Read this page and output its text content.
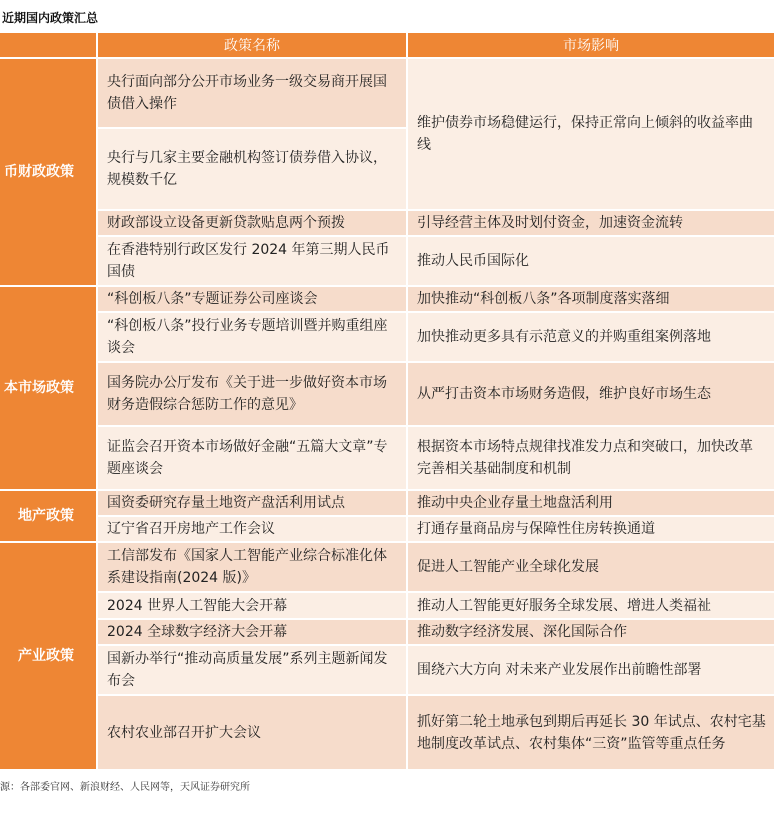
近期国内政策汇总
	政策名称	市场影响
币财政政策	央行面向部分公开市场业务一级交易商开展国债借入操作	维护债券市场稳健运行，保持正常向上倾斜的收益率曲线
	央行与几家主要金融机构签订债券借入协议，规模数千亿	
	财政部设立设备更新贷款贴息两个预拨	引导经营主体及时划付资金，加速资金流转
	在香港特别行政区发行 2024 年第三期人民币国债	推动人民币国际化
本市场政策	“科创板八条”专题证券公司座谈会	加快推动“科创板八条”各项制度落实落细
	“科创板八条”投行业务专题培训暨并购重组座谈会	加快推动更多具有示范意义的并购重组案例落地
	国务院办公厅发布《关于进一步做好资本市场财务造假综合惩防工作的意见》	从严打击资本市场财务造假，维护良好市场生态
	证监会召开资本市场做好金融“五篇大文章”专题座谈会	根据资本市场特点规律找准发力点和突破口，加快改革完善相关基础制度和机制
地产政策	国资委研究存量土地资产盘活利用试点	推动中央企业存量土地盘活利用
	辽宁省召开房地产工作会议	打通存量商品房与保障性住房转换通道
产业政策	工信部发布《国家人工智能产业综合标准化体系建设指南(2024 版)》	促进人工智能产业全球化发展
	2024 世界人工智能大会开幕	推动人工智能更好服务全球发展、增进人类福祉
	2024 全球数字经济大会开幕	推动数字经济发展、深化国际合作
	国新办举行“推动高质量发展”系列主题新闻发布会	围绕六大方向 对未来产业发展作出前瞻性部署
	农村农业部召开扩大会议	抓好第二轮土地承包到期后再延长 30 年试点、农村宅基地制度改革试点、农村集体“三资”监管等重点任务
源：各部委官网、新浪财经、人民网等，天风证券研究所
